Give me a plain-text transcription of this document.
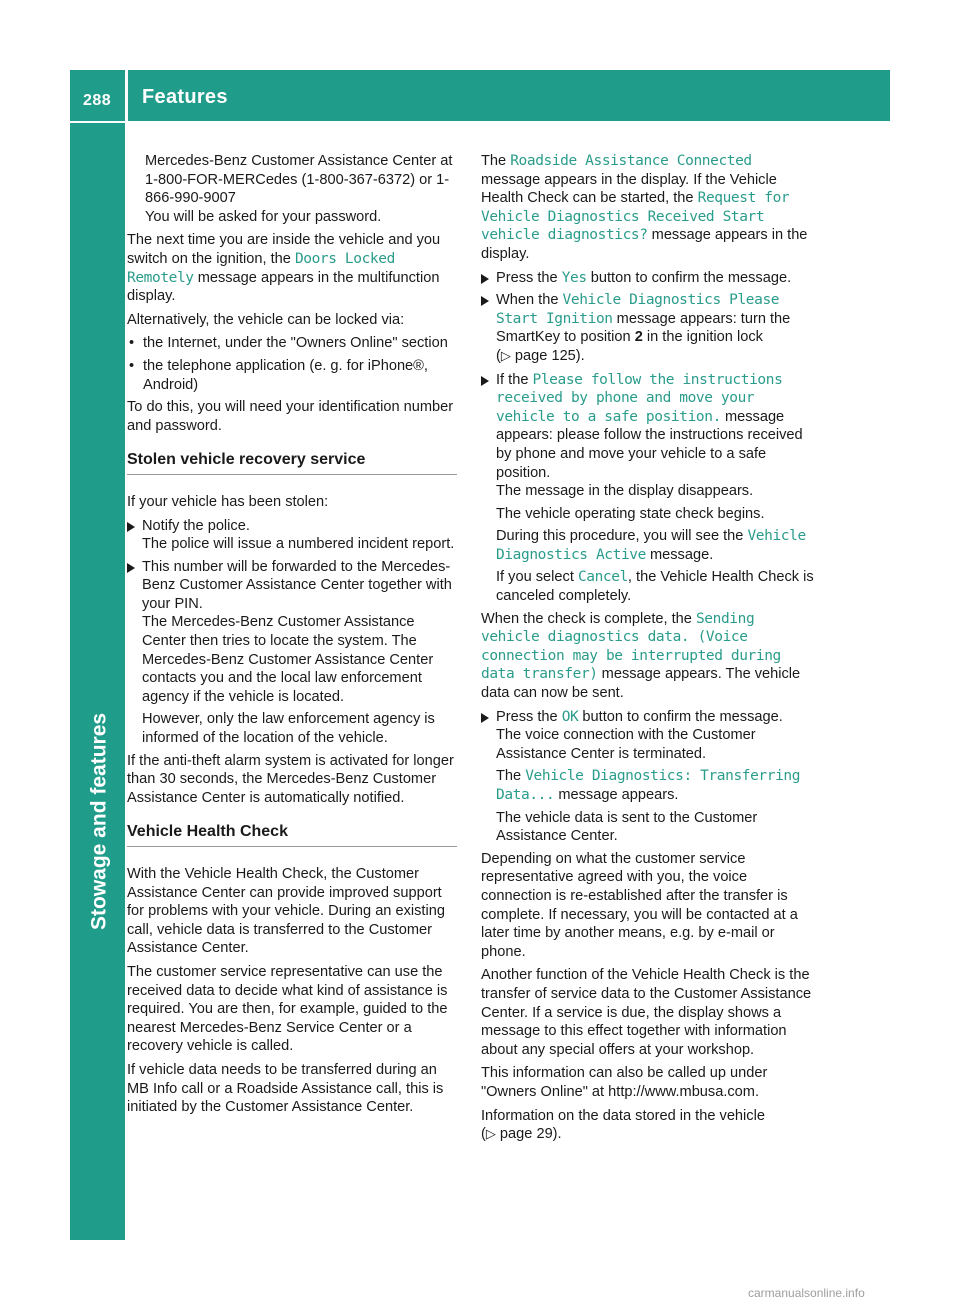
288 Features
Stowage and features

Mercedes-Benz Customer Assistance Center at 1-800-FOR-MERCedes (1-800-367-6372) or 1-866-990-9007
You will be asked for your password.

The next time you are inside the vehicle and you switch on the ignition, the Doors Locked Remotely message appears in the multifunction display.

Alternatively, the vehicle can be locked via:

• the Internet, under the "Owners Online" section
• the telephone application (e. g. for iPhone®, Android)

To do this, you will need your identification number and password.

Stolen vehicle recovery service

If your vehicle has been stolen:

Notify the police.
The police will issue a numbered incident report.
This number will be forwarded to the Mercedes-Benz Customer Assistance Center together with your PIN.
The Mercedes-Benz Customer Assistance Center then tries to locate the system. The Mercedes-Benz Customer Assistance Center contacts you and the local law enforcement agency if the vehicle is located.
However, only the law enforcement agency is informed of the location of the vehicle.

If the anti-theft alarm system is activated for longer than 30 seconds, the Mercedes-Benz Customer Assistance Center is automatically notified.

Vehicle Health Check

With the Vehicle Health Check, the Customer Assistance Center can provide improved support for problems with your vehicle. During an existing call, vehicle data is transferred to the Customer Assistance Center.

The customer service representative can use the received data to decide what kind of assistance is required. You are then, for example, guided to the nearest Mercedes-Benz Service Center or a recovery vehicle is called.

If vehicle data needs to be transferred during an MB Info call or a Roadside Assistance call, this is initiated by the Customer Assistance Center.

The Roadside Assistance Connected message appears in the display. If the Vehicle Health Check can be started, the Request for Vehicle Diagnostics Received Start vehicle diagnostics? message appears in the display.

Press the Yes button to confirm the message.
When the Vehicle Diagnostics Please Start Ignition message appears: turn the SmartKey to position 2 in the ignition lock
(▷ page 125).
If the Please follow the instructions received by phone and move your vehicle to a safe position. message appears: please follow the instructions received by phone and move your vehicle to a safe position.
The message in the display disappears.
The vehicle operating state check begins.
During this procedure, you will see the Vehicle Diagnostics Active message.
If you select Cancel, the Vehicle Health Check is canceled completely.

When the check is complete, the Sending vehicle diagnostics data. (Voice connection may be interrupted during data transfer) message appears. The vehicle data can now be sent.

Press the OK button to confirm the message.
The voice connection with the Customer Assistance Center is terminated.
The Vehicle Diagnostics: Transferring Data... message appears.
The vehicle data is sent to the Customer Assistance Center.

Depending on what the customer service representative agreed with you, the voice connection is re-established after the transfer is complete. If necessary, you will be contacted at a later time by another means, e.g. by e-mail or phone.

Another function of the Vehicle Health Check is the transfer of service data to the Customer Assistance Center. If a service is due, the display shows a message to this effect together with information about any special offers at your workshop.

This information can also be called up under "Owners Online" at http://www.mbusa.com.

Information on the data stored in the vehicle
(▷ page 29).

carmanualsonline.info
